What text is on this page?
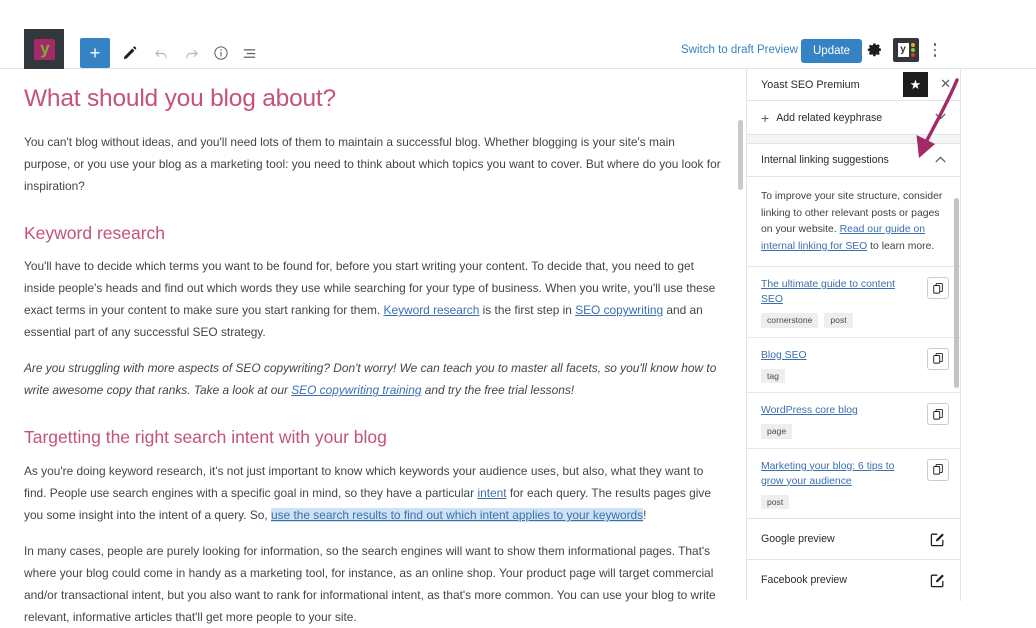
y +	Switch to draft Preview	Update	y
What should you blog about?

You can't blog without ideas, and you'll need lots of them to maintain a successful blog. Whether blogging is your site's main purpose, or you use your blog as a marketing tool: you need to think about which topics you want to cover. But where do you look for inspiration?

Keyword research

You'll have to decide which terms you want to be found for, before you start writing your content. To decide that, you need to get inside people's heads and find out which words they use while searching for your type of business. When you write, you'll use these exact terms in your content to make sure you start ranking for them. Keyword research is the first step in SEO copywriting and an essential part of any successful SEO strategy.

Are you struggling with more aspects of SEO copywriting? Don't worry! We can teach you to master all facets, so you'll know how to write awesome copy that ranks. Take a look at our SEO copywriting training and try the free trial lessons!

Targetting the right search intent with your blog

As you're doing keyword research, it's not just important to know which keywords your audience uses, but also, what they want to find. People use search engines with a specific goal in mind, so they have a particular intent for each query. The results pages give you some insight into the intent of a query. So, use the search results to find out which intent applies to your keywords!

In many cases, people are purely looking for information, so the search engines will want to show them informational pages. That's where your blog could come in handy as a marketing tool, for instance, as an online shop. Your product page will target commercial and/or transactional intent, but you also want to rank for informational intent, as that's more common. You can use your blog to write relevant, informative articles that'll get more people to your site.

Yoast SEO Premium	★ ✕
+ Add related keyphrase
Internal linking suggestions
To improve your site structure, consider linking to other relevant posts or pages on your website. Read our guide on internal linking for SEO to learn more.
The ultimate guide to content SEO
cornerstone	post
Blog SEO
tag
WordPress core blog
page
Marketing your blog: 6 tips to grow your audience
post
Google preview
Facebook preview
